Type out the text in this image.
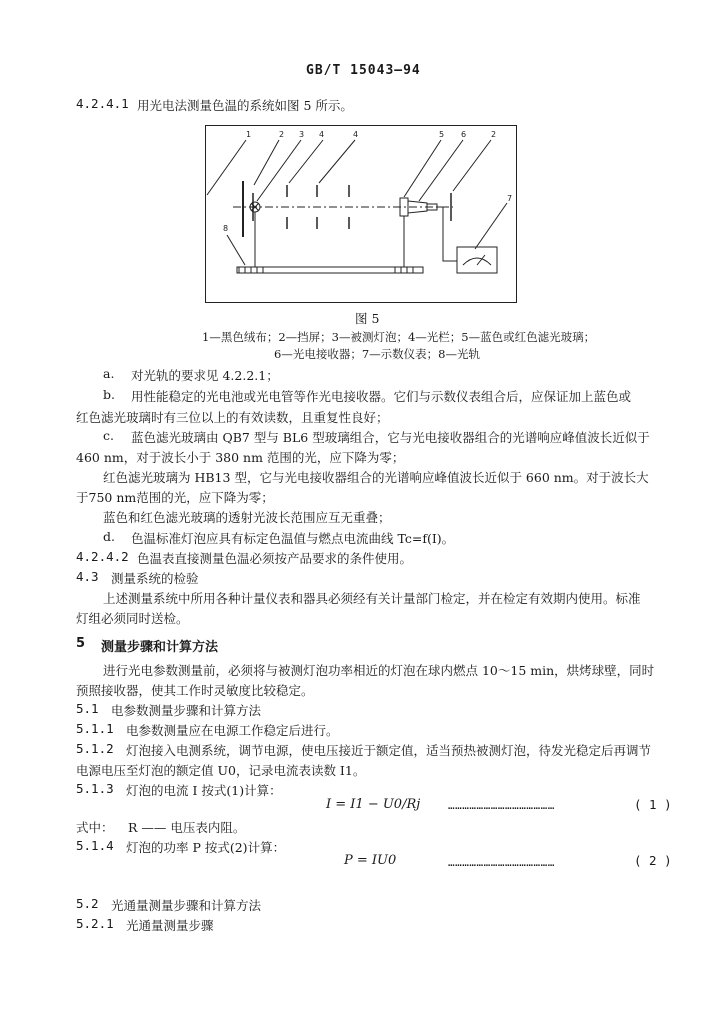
GB/T 15043—94
4.2.4.1 用光电法测量色温的系统如图 5 所示。
1	2 3 4	4	5 6	2
7
8
图 5
1—黑色绒布；2—挡屏；3—被测灯泡；4—光栏；5—蓝色或红色滤光玻璃；
6—光电接收器；7—示数仪表；8—光轨
a. 对光轨的要求见 4.2.2.1；
b. 用性能稳定的光电池或光电管等作光电接收器。它们与示数仪表组合后，应保证加上蓝色或
红色滤光玻璃时有三位以上的有效读数，且重复性良好；
c. 蓝色滤光玻璃由 QB7 型与 BL6 型玻璃组合，它与光电接收器组合的光谱响应峰值波长近似于
460 nm，对于波长小于 380 nm 范围的光，应下降为零；
红色滤光玻璃为 HB13 型，它与光电接收器组合的光谱响应峰值波长近似于 660 nm。对于波长大
于750 nm范围的光，应下降为零；
蓝色和红色滤光玻璃的透射光波长范围应互无重叠；
d. 色温标准灯泡应具有标定色温值与燃点电流曲线 Tc=f(I)。
4.2.4.2 色温表直接测量色温必须按产品要求的条件使用。
4.3 测量系统的检验
上述测量系统中所用各种计量仪表和器具必须经有关计量部门检定，并在检定有效期内使用。标准
灯组必须同时送检。
5 测量步骤和计算方法
进行光电参数测量前，必须将与被测灯泡功率相近的灯泡在球内燃点 10～15 min，烘烤球壁，同时
预照接收器，使其工作时灵敏度比较稳定。
5.1 电参数测量步骤和计算方法
5.1.1 电参数测量应在电源工作稳定后进行。
5.1.2 灯泡接入电测系统，调节电源，使电压接近于额定值，适当预热被测灯泡，待发光稳定后再调节
电源电压至灯泡的额定值 U0，记录电流表读数 I1。
5.1.3 灯泡的电流 I 按式(1)计算：
I = I1 − U0/Rj	………………………………………	( 1 )
式中： R —— 电压表内阻。
5.1.4 灯泡的功率 P 按式(2)计算：
P = IU0	………………………………………	( 2 )
5.2 光通量测量步骤和计算方法
5.2.1 光通量测量步骤
